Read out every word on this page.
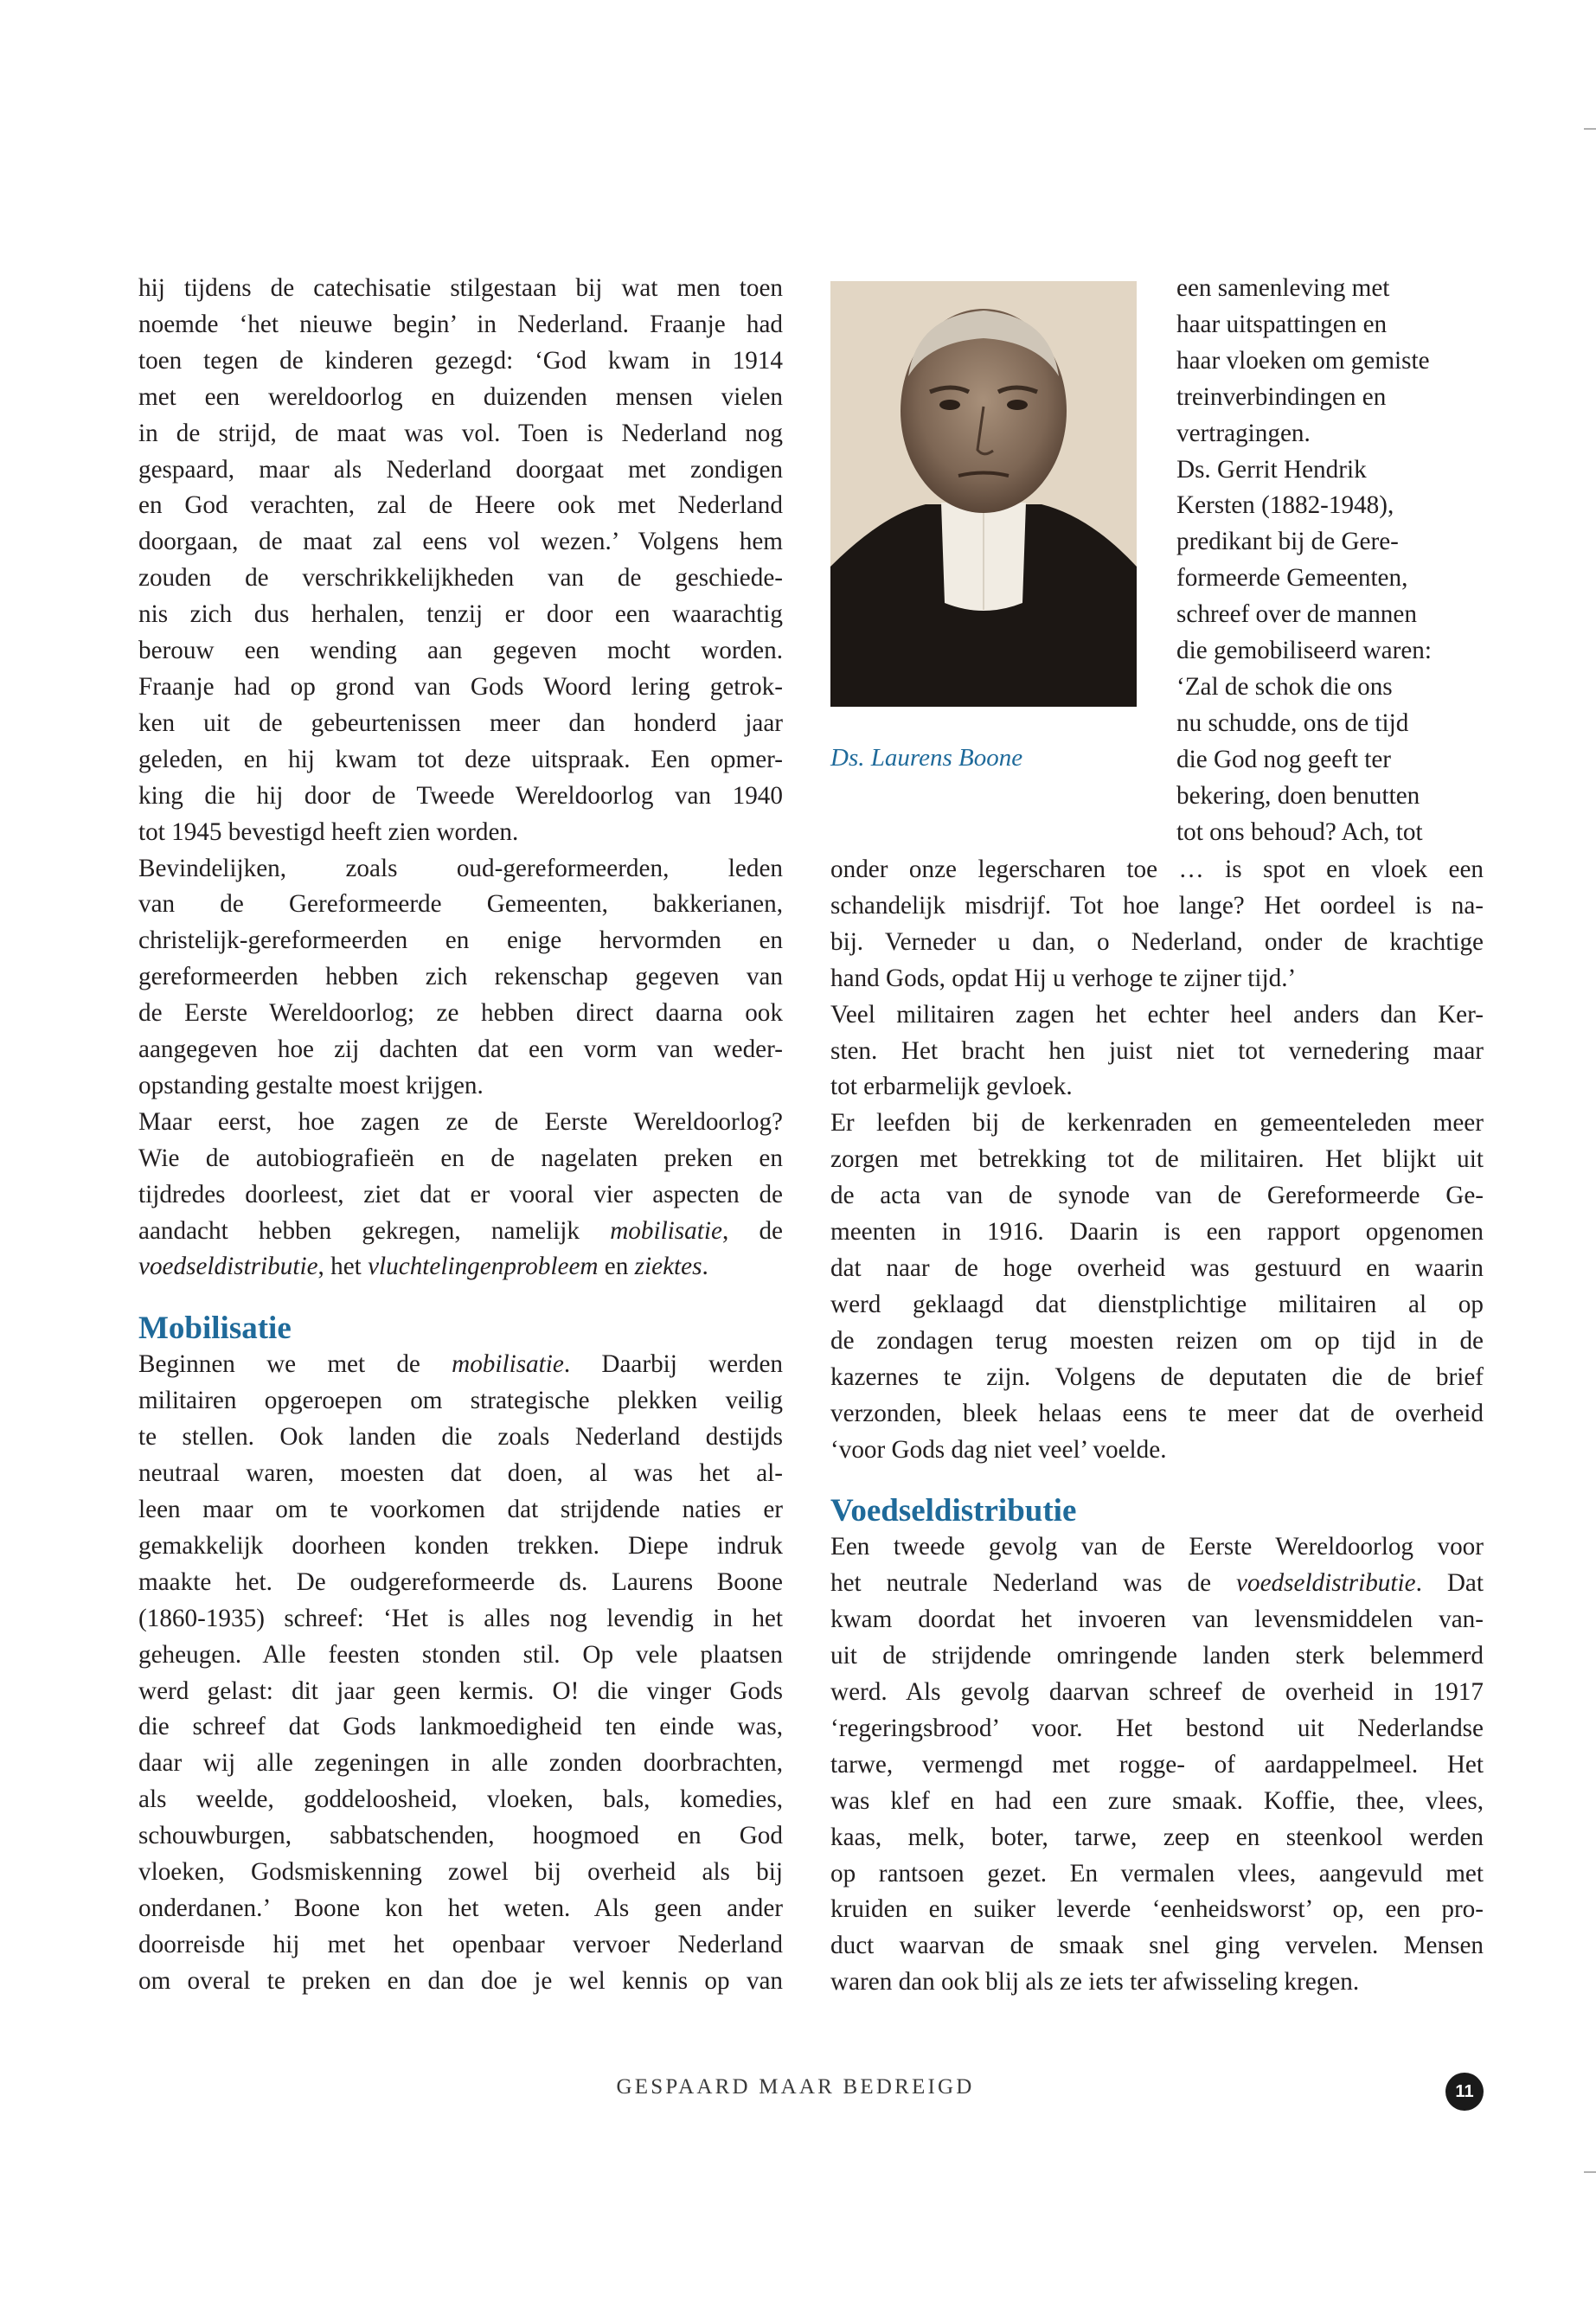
hij tijdens de catechisatie stilgestaan bij wat men toen
noemde ‘het nieuwe begin’ in Nederland. Fraanje had
toen tegen de kinderen gezegd: ‘God kwam in 1914
met een wereldoorlog en duizenden mensen vielen
in de strijd, de maat was vol. Toen is Nederland nog
gespaard, maar als Nederland doorgaat met zondigen
en God verachten, zal de Heere ook met Nederland
doorgaan, de maat zal eens vol wezen.’ Volgens hem
zouden de verschrikkelijkheden van de geschiede-
nis zich dus herhalen, tenzij er door een waarachtig
berouw een wending aan gegeven mocht worden.
Fraanje had op grond van Gods Woord lering getrok-
ken uit de gebeurtenissen meer dan honderd jaar
geleden, en hij kwam tot deze uitspraak. Een opmer-
king die hij door de Tweede Wereldoorlog van 1940
tot 1945 bevestigd heeft zien worden.

Bevindelijken, zoals oud-gereformeerden, leden
van de Gereformeerde Gemeenten, bakkerianen,
christelijk-gereformeerden en enige hervormden en
gereformeerden hebben zich rekenschap gegeven van
de Eerste Wereldoorlog; ze hebben direct daarna ook
aangegeven hoe zij dachten dat een vorm van weder-
opstanding gestalte moest krijgen.

Maar eerst, hoe zagen ze de Eerste Wereldoorlog?
Wie de autobiografieën en de nagelaten preken en
tijdredes doorleest, ziet dat er vooral vier aspecten de
aandacht hebben gekregen, namelijk mobilisatie, de
voedseldistributie, het vluchtelingenprobleem en ziektes.

Mobilisatie

Beginnen we met de mobilisatie. Daarbij werden
militairen opgeroepen om strategische plekken veilig
te stellen. Ook landen die zoals Nederland destijds
neutraal waren, moesten dat doen, al was het al-
leen maar om te voorkomen dat strijdende naties er
gemakkelijk doorheen konden trekken. Diepe indruk
maakte het. De oudgereformeerde ds. Laurens Boone
(1860-1935) schreef: ‘Het is alles nog levendig in het
geheugen. Alle feesten stonden stil. Op vele plaatsen
werd gelast: dit jaar geen kermis. O! die vinger Gods
die schreef dat Gods lankmoedigheid ten einde was,
daar wij alle zegeningen in alle zonden doorbrachten,
als weelde, goddeloosheid, vloeken, bals, komedies,
schouwburgen, sabbatschenden, hoogmoed en God
vloeken, Godsmiskenning zowel bij overheid als bij
onderdanen.’ Boone kon het weten. Als geen ander
doorreisde hij met het openbaar vervoer Nederland
om overal te preken en dan doe je wel kennis op van

Ds. Laurens Boone

een samenleving met
haar uitspattingen en
haar vloeken om gemiste
treinverbindingen en
vertragingen.

Ds. Gerrit Hendrik
Kersten (1882-1948),
predikant bij de Gere-
formeerde Gemeenten,
schreef over de mannen
die gemobiliseerd waren:
‘Zal de schok die ons
nu schudde, ons de tijd
die God nog geeft ter
bekering, doen benutten
tot ons behoud? Ach, tot

onder onze legerscharen toe … is spot en vloek een
schandelijk misdrijf. Tot hoe lange? Het oordeel is na-
bij. Verneder u dan, o Nederland, onder de krachtige
hand Gods, opdat Hij u verhoge te zijner tijd.’

Veel militairen zagen het echter heel anders dan Ker-
sten. Het bracht hen juist niet tot vernedering maar
tot erbarmelijk gevloek.

Er leefden bij de kerkenraden en gemeenteleden meer
zorgen met betrekking tot de militairen. Het blijkt uit
de acta van de synode van de Gereformeerde Ge-
meenten in 1916. Daarin is een rapport opgenomen
dat naar de hoge overheid was gestuurd en waarin
werd geklaagd dat dienstplichtige militairen al op
de zondagen terug moesten reizen om op tijd in de
kazernes te zijn. Volgens de deputaten die de brief
verzonden, bleek helaas eens te meer dat de overheid
‘voor Gods dag niet veel’ voelde.

Voedseldistributie

Een tweede gevolg van de Eerste Wereldoorlog voor
het neutrale Nederland was de voedseldistributie. Dat
kwam doordat het invoeren van levensmiddelen van-
uit de strijdende omringende landen sterk belemmerd
werd. Als gevolg daarvan schreef de overheid in 1917
‘regeringsbrood’ voor. Het bestond uit Nederlandse
tarwe, vermengd met rogge- of aardappelmeel. Het
was klef en had een zure smaak. Koffie, thee, vlees,
kaas, melk, boter, tarwe, zeep en steenkool werden
op rantsoen gezet. En vermalen vlees, aangevuld met
kruiden en suiker leverde ‘eenheidsworst’ op, een pro-
duct waarvan de smaak snel ging vervelen. Mensen
waren dan ook blij als ze iets ter afwisseling kregen.

GESPAARD MAAR BEDREIGD	11
